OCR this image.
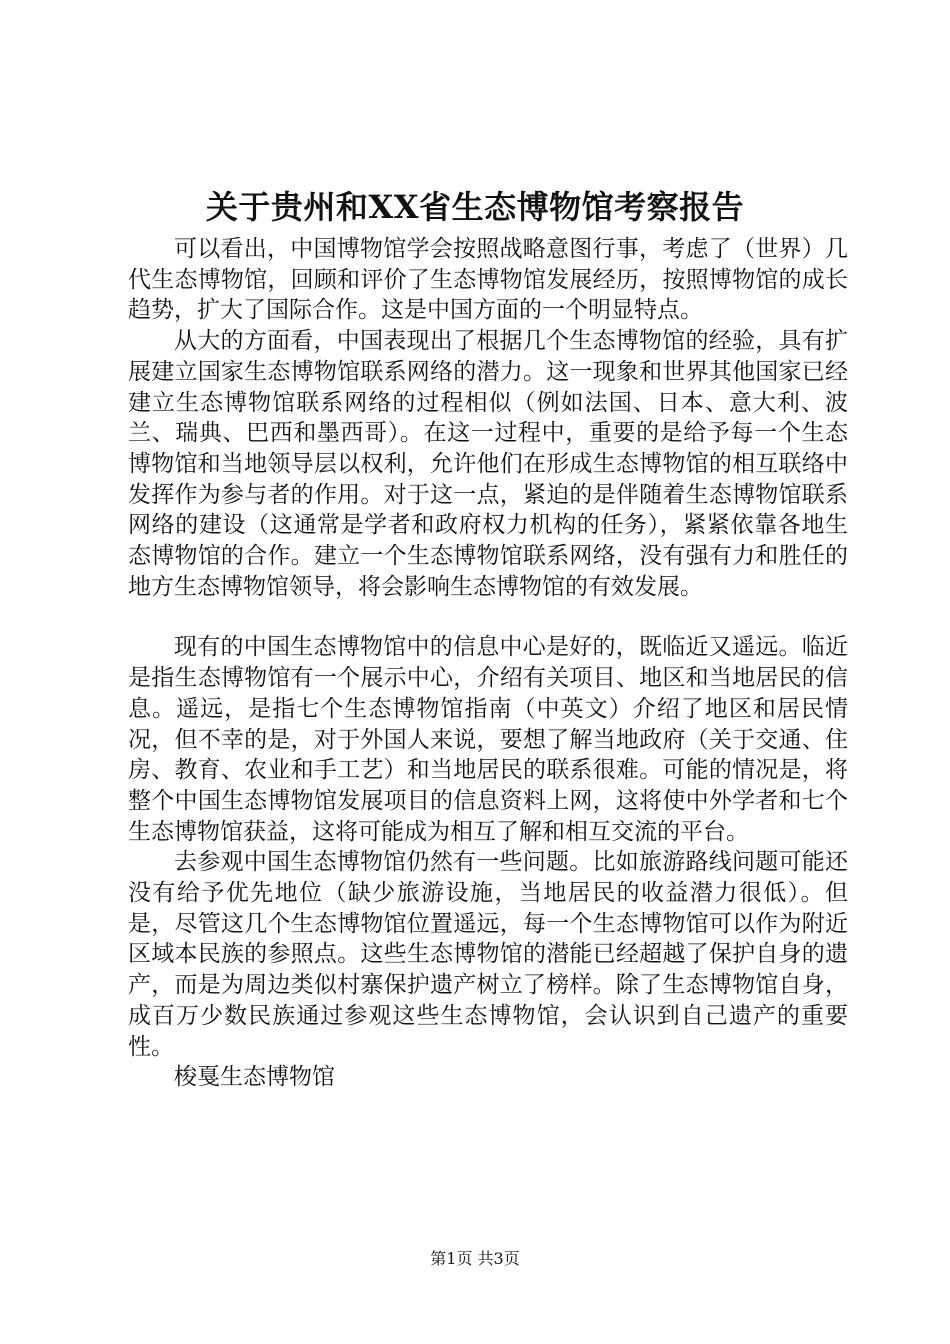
关于贵州和XX省生态博物馆考察报告

可以看出，中国博物馆学会按照战略意图行事，考虑了（世界）几代生态博物馆，回顾和评价了生态博物馆发展经历，按照博物馆的成长趋势，扩大了国际合作。这是中国方面的一个明显特点。

从大的方面看，中国表现出了根据几个生态博物馆的经验，具有扩展建立国家生态博物馆联系网络的潜力。这一现象和世界其他国家已经建立生态博物馆联系网络的过程相似（例如法国、日本、意大利、波兰、瑞典、巴西和墨西哥）。在这一过程中，重要的是给予每一个生态博物馆和当地领导层以权利，允许他们在形成生态博物馆的相互联络中发挥作为参与者的作用。对于这一点，紧迫的是伴随着生态博物馆联系网络的建设（这通常是学者和政府权力机构的任务），紧紧依靠各地生态博物馆的合作。建立一个生态博物馆联系网络，没有强有力和胜任的地方生态博物馆领导，将会影响生态博物馆的有效发展。

现有的中国生态博物馆中的信息中心是好的，既临近又遥远。临近是指生态博物馆有一个展示中心，介绍有关项目、地区和当地居民的信息。遥远，是指七个生态博物馆指南（中英文）介绍了地区和居民情况，但不幸的是，对于外国人来说，要想了解当地政府（关于交通、住房、教育、农业和手工艺）和当地居民的联系很难。可能的情况是，将整个中国生态博物馆发展项目的信息资料上网，这将使中外学者和七个生态博物馆获益，这将可能成为相互了解和相互交流的平台。

去参观中国生态博物馆仍然有一些问题。比如旅游路线问题可能还没有给予优先地位（缺少旅游设施，当地居民的收益潜力很低）。但是，尽管这几个生态博物馆位置遥远，每一个生态博物馆可以作为附近区域本民族的参照点。这些生态博物馆的潜能已经超越了保护自身的遗产，而是为周边类似村寨保护遗产树立了榜样。除了生态博物馆自身，成百万少数民族通过参观这些生态博物馆，会认识到自己遗产的重要性。

梭戛生态博物馆

第1页 共3页
